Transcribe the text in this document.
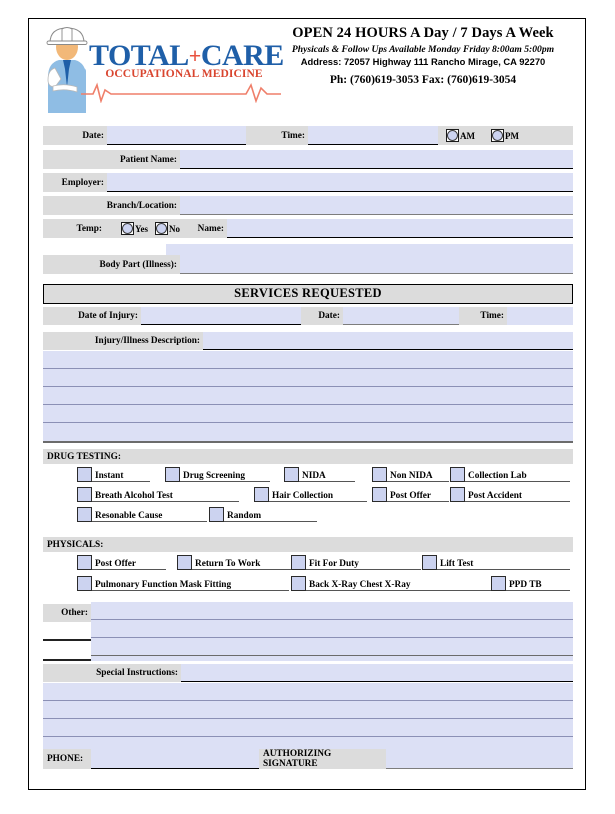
TOTAL+CARE
OCCUPATIONAL MEDICINE
OPEN 24 HOURS A Day / 7 Days A Week
Physicals & Follow Ups Available Monday Friday 8:00am 5:00pm
Address: 72057 Highway 111 Rancho Mirage, CA 92270
Ph: (760)619-3053 Fax: (760)619-3054
Date:	Time:	AM	PM
Patient Name:
Employer:
Branch/Location:
Temp:	Yes No	Name:
Body Part (Illness):
SERVICES REQUESTED
Date of Injury:	Date:	Time:
Injury/Illness Description:
DRUG TESTING:
Instant	Drug Screening	NIDA	Non NIDA	Collection Lab
Breath Alcohol Test	Hair Collection	Post Offer	Post Accident
Resonable Cause	Random
PHYSICALS:
Post Offer	Return To Work	Fit For Duty	Lift Test
Pulmonary Function Mask Fitting	Back X-Ray Chest X-Ray	PPD TB
Other:
Special Instructions:
PHONE:	AUTHORIZING SIGNATURE
